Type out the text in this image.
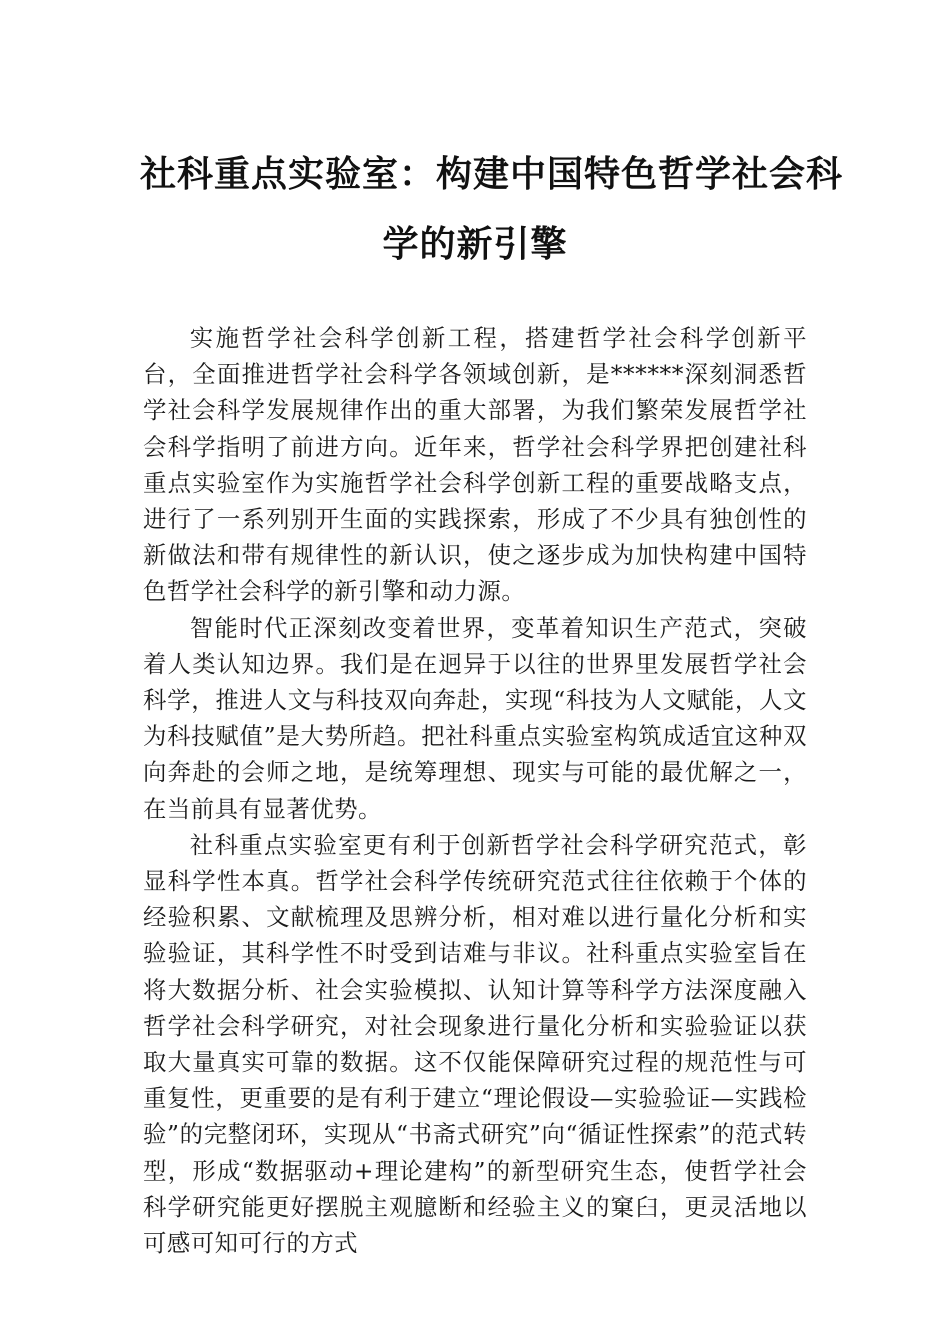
社科重点实验室：构建中国特色哲学社会科
学的新引擎

实施哲学社会科学创新工程，搭建哲学社会科学创新平台，全面推进哲学社会科学各领域创新，是******深刻洞悉哲学社会科学发展规律作出的重大部署，为我们繁荣发展哲学社会科学指明了前进方向。近年来，哲学社会科学界把创建社科重点实验室作为实施哲学社会科学创新工程的重要战略支点，进行了一系列别开生面的实践探索，形成了不少具有独创性的新做法和带有规律性的新认识，使之逐步成为加快构建中国特色哲学社会科学的新引擎和动力源。

智能时代正深刻改变着世界，变革着知识生产范式，突破着人类认知边界。我们是在迥异于以往的世界里发展哲学社会科学，推进人文与科技双向奔赴，实现“科技为人文赋能，人文为科技赋值”是大势所趋。把社科重点实验室构筑成适宜这种双向奔赴的会师之地，是统筹理想、现实与可能的最优解之一，在当前具有显著优势。

社科重点实验室更有利于创新哲学社会科学研究范式，彰显科学性本真。哲学社会科学传统研究范式往往依赖于个体的经验积累、文献梳理及思辨分析，相对难以进行量化分析和实验验证，其科学性不时受到诘难与非议。社科重点实验室旨在将大数据分析、社会实验模拟、认知计算等科学方法深度融入哲学社会科学研究，对社会现象进行量化分析和实验验证以获取大量真实可靠的数据。这不仅能保障研究过程的规范性与可重复性，更重要的是有利于建立“理论假设—实验验证—实践检验”的完整闭环，实现从“书斋式研究”向“循证性探索”的范式转型，形成“数据驱动+理论建构”的新型研究生态，使哲学社会科学研究能更好摆脱主观臆断和经验主义的窠臼，更灵活地以可感可知可行的方式
